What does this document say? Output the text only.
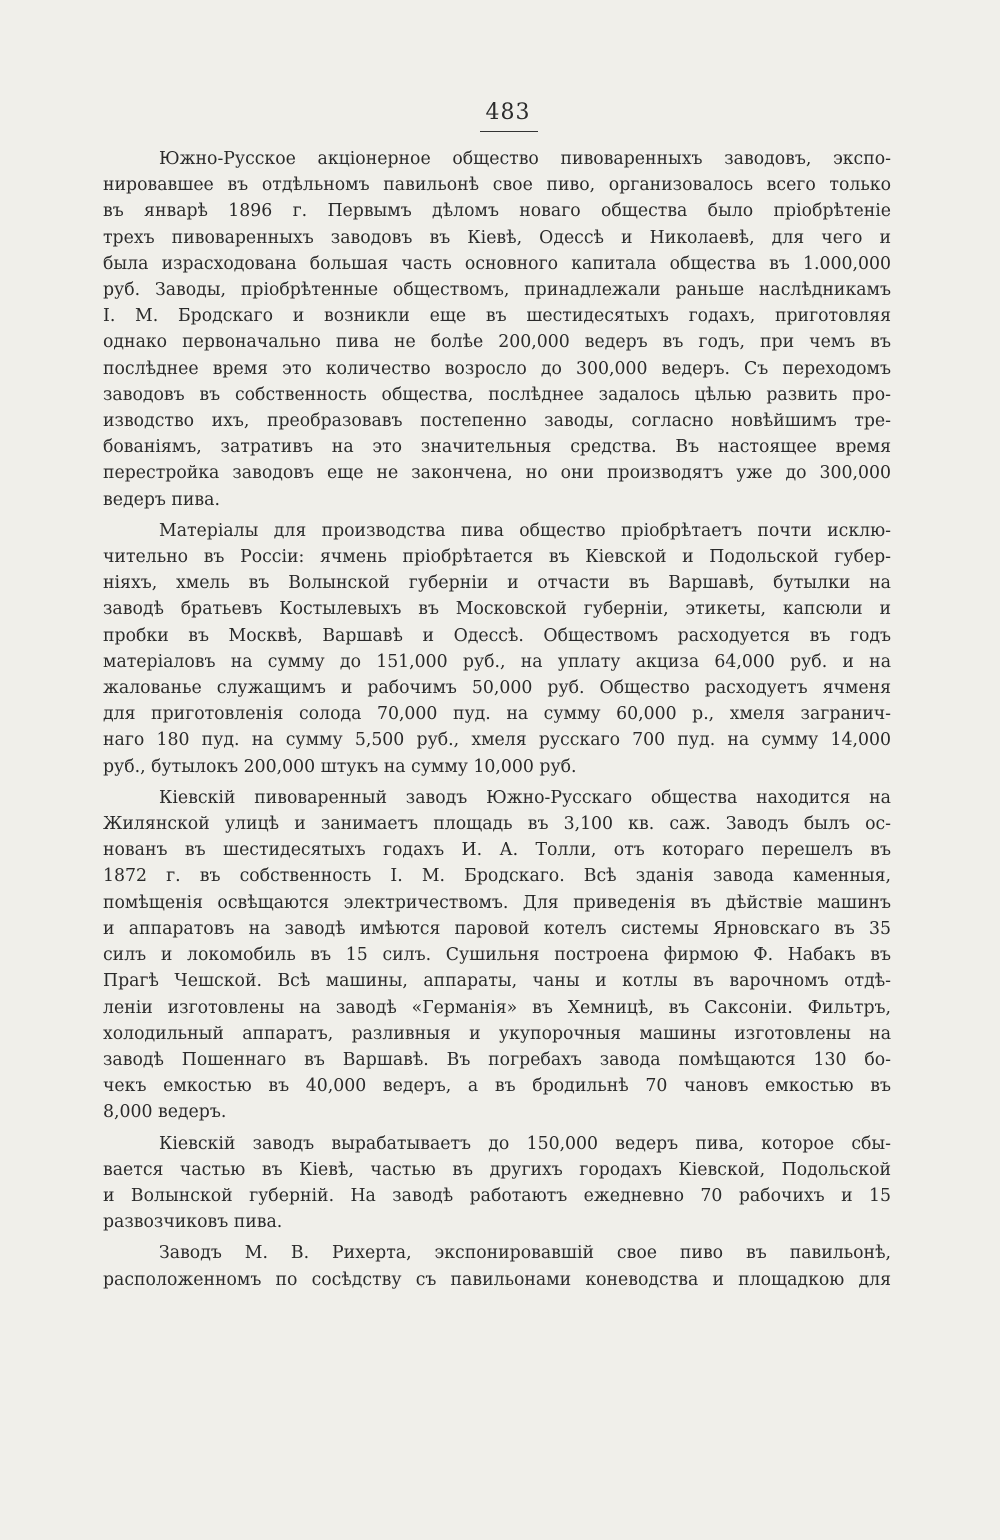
483
Южно-Русское акціонерное общество пивоваренныхъ заводовъ, экспо-
нировавшее въ отдѣльномъ павильонѣ свое пиво, организовалось всего только
въ январѣ 1896 г. Первымъ дѣломъ новаго общества было пріобрѣтеніе
трехъ пивоваренныхъ заводовъ въ Кіевѣ, Одессѣ и Николаевѣ, для чего и
была израсходована большая часть основного капитала общества въ 1.000,000
руб. Заводы, пріобрѣтенные обществомъ, принадлежали раньше наслѣдникамъ
І. М. Бродскаго и возникли еще въ шестидесятыхъ годахъ, приготовляя
однако первоначально пива не болѣе 200,000 ведеръ въ годъ, при чемъ въ
послѣднее время это количество возросло до 300,000 ведеръ. Съ переходомъ
заводовъ въ собственность общества, послѣднее задалось цѣлью развить про-
изводство ихъ, преобразовавъ постепенно заводы, согласно новѣйшимъ тре-
бованіямъ, затративъ на это значительныя средства. Въ настоящее время
перестройка заводовъ еще не закончена, но они производятъ уже до 300,000
ведеръ пива.
Матеріалы для производства пива общество пріобрѣтаетъ почти исклю-
чительно въ Россіи: ячмень пріобрѣтается въ Кіевской и Подольской губер-
ніяхъ, хмель въ Волынской губерніи и отчасти въ Варшавѣ, бутылки на
заводѣ братьевъ Костылевыхъ въ Московской губерніи, этикеты, капсюли и
пробки въ Москвѣ, Варшавѣ и Одессѣ. Обществомъ расходуется въ годъ
матеріаловъ на сумму до 151,000 руб., на уплату акциза 64,000 руб. и на
жалованье служащимъ и рабочимъ 50,000 руб. Общество расходуетъ ячменя
для приготовленія солода 70,000 пуд. на сумму 60,000 р., хмеля загранич-
наго 180 пуд. на сумму 5,500 руб., хмеля русскаго 700 пуд. на сумму 14,000
руб., бутылокъ 200,000 штукъ на сумму 10,000 руб.
Кіевскій пивоваренный заводъ Южно-Русскаго общества находится на
Жилянской улицѣ и занимаетъ площадь въ 3,100 кв. саж. Заводъ былъ ос-
нованъ въ шестидесятыхъ годахъ И. А. Толли, отъ котораго перешелъ въ
1872 г. въ собственность І. М. Бродскаго. Всѣ зданія завода каменныя,
помѣщенія освѣщаются электричествомъ. Для приведенія въ дѣйствіе машинъ
и аппаратовъ на заводѣ имѣются паровой котелъ системы Ярновскаго въ 35
силъ и локомобиль въ 15 силъ. Сушильня построена фирмою Ф. Набакъ въ
Прагѣ Чешской. Всѣ машины, аппараты, чаны и котлы въ варочномъ отдѣ-
леніи изготовлены на заводѣ «Германія» въ Хемницѣ, въ Саксоніи. Фильтръ,
холодильный аппаратъ, разливныя и укупорочныя машины изготовлены на
заводѣ Пошеннаго въ Варшавѣ. Въ погребахъ завода помѣщаются 130 бо-
чекъ емкостью въ 40,000 ведеръ, а въ бродильнѣ 70 чановъ емкостью въ
8,000 ведеръ.
Кіевскій заводъ вырабатываетъ до 150,000 ведеръ пива, которое сбы-
вается частью въ Кіевѣ, частью въ другихъ городахъ Кіевской, Подольской
и Волынской губерній. На заводѣ работаютъ ежедневно 70 рабочихъ и 15
развозчиковъ пива.
Заводъ М. В. Рихерта, экспонировавшій свое пиво въ павильонѣ,
расположенномъ по сосѣдству съ павильонами коневодства и площадкою для
